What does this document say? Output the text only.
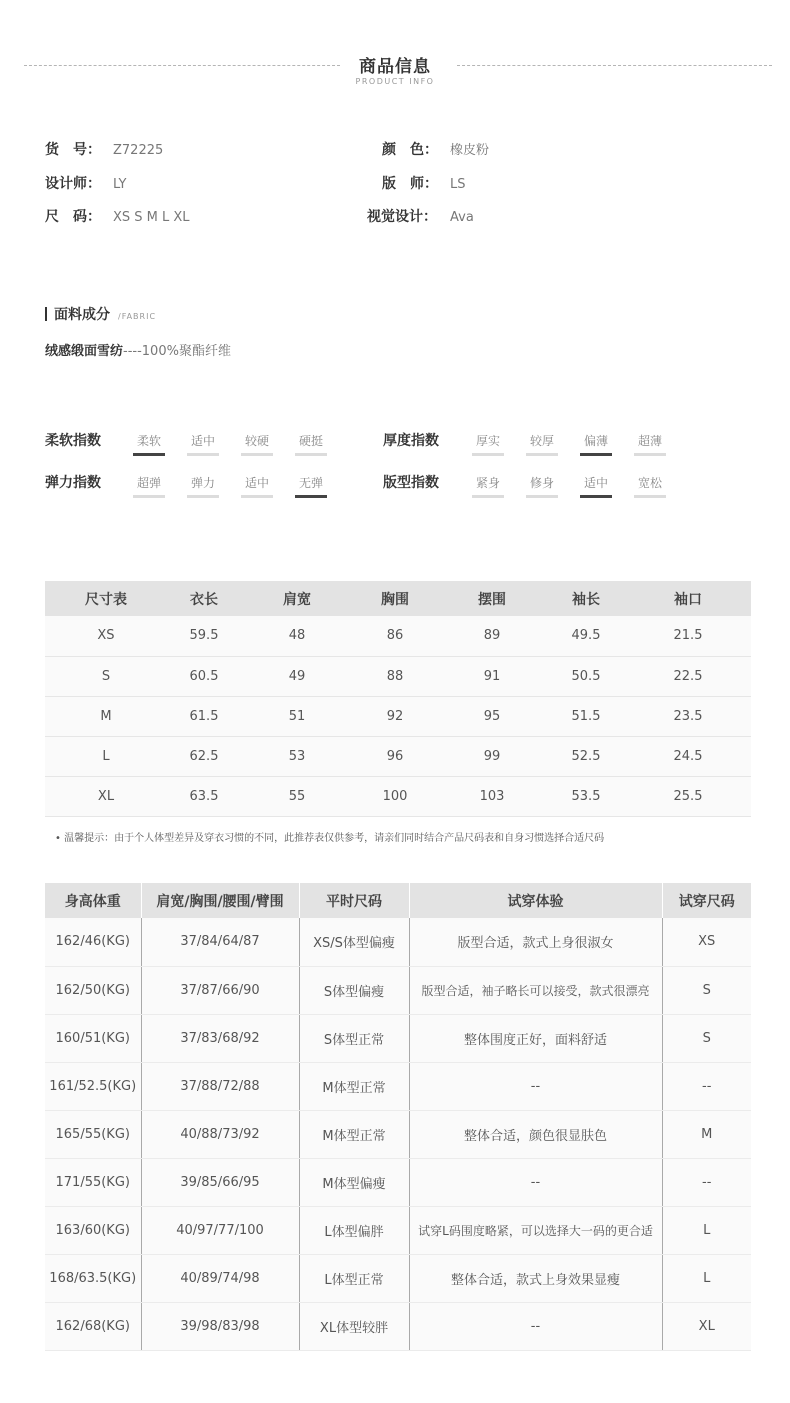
商品信息
PRODUCT INFO
货　号： Z72225	颜　色： 橡皮粉
设计师： LY	版　师： LS
尺　码： XS S M L XL	视觉设计： Ava
面料成分 /FABRIC
绒感缎面雪纺----100%聚酯纤维
柔软指数	柔软	适中	较硬	硬挺	厚度指数	厚实	较厚	偏薄	超薄
弹力指数	超弹	弹力	适中	无弹	版型指数	紧身	修身	适中	宽松
尺寸表	衣长	肩宽	胸围	摆围	袖长	袖口
XS	59.5	48	86	89	49.5	21.5
S	60.5	49	88	91	50.5	22.5
M	61.5	51	92	95	51.5	23.5
L	62.5	53	96	99	52.5	24.5
XL	63.5	55	100	103	53.5	25.5
• 温馨提示：由于个人体型差异及穿衣习惯的不同，此推荐表仅供参考，请亲们同时结合产品尺码表和自身习惯选择合适尺码
身高体重	肩宽/胸围/腰围/臂围	平时尺码	试穿体验	试穿尺码
162/46(KG)	37/84/64/87	XS/S体型偏瘦	版型合适，款式上身很淑女	XS
162/50(KG)	37/87/66/90	S体型偏瘦	版型合适，袖子略长可以接受，款式很漂亮	S
160/51(KG)	37/83/68/92	S体型正常	整体围度正好，面料舒适	S
161/52.5(KG)	37/88/72/88	M体型正常	--	--
165/55(KG)	40/88/73/92	M体型正常	整体合适，颜色很显肤色	M
171/55(KG)	39/85/66/95	M体型偏瘦	--	--
163/60(KG)	40/97/77/100	L体型偏胖	试穿L码围度略紧，可以选择大一码的更合适	L
168/63.5(KG)	40/89/74/98	L体型正常	整体合适，款式上身效果显瘦	L
162/68(KG)	39/98/83/98	XL体型较胖	--	XL
